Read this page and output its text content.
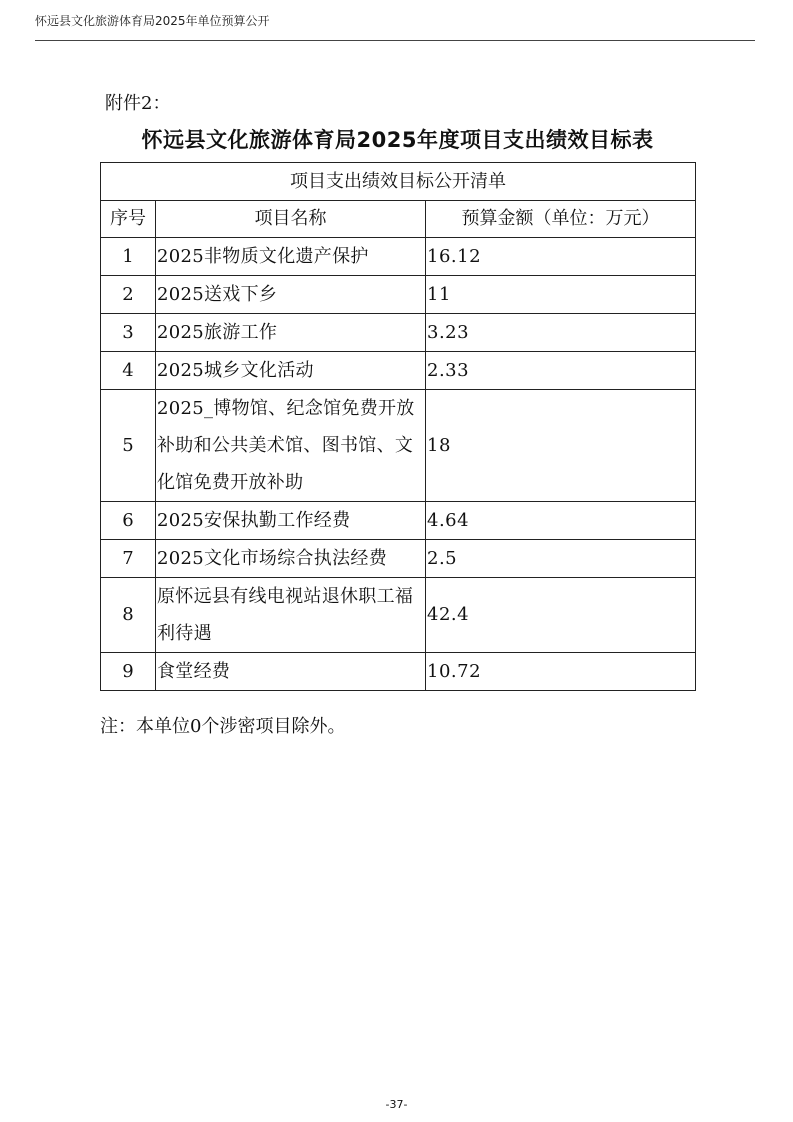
怀远县文化旅游体育局2025年单位预算公开
附件2：
怀远县文化旅游体育局2025年度项目支出绩效目标表
项目支出绩效目标公开清单		
序号	项目名称	预算金额（单位：万元）
1	2025非物质文化遗产保护	16.12
2	2025送戏下乡	11
3	2025旅游工作	3.23
4	2025城乡文化活动	2.33
5	2025_博物馆、纪念馆免费开放补助和公共美术馆、图书馆、文化馆免费开放补助	18
6	2025安保执勤工作经费	4.64
7	2025文化市场综合执法经费	2.5
8	原怀远县有线电视站退休职工福利待遇	42.4
9	食堂经费	10.72
注：本单位0个涉密项目除外。
-37-
